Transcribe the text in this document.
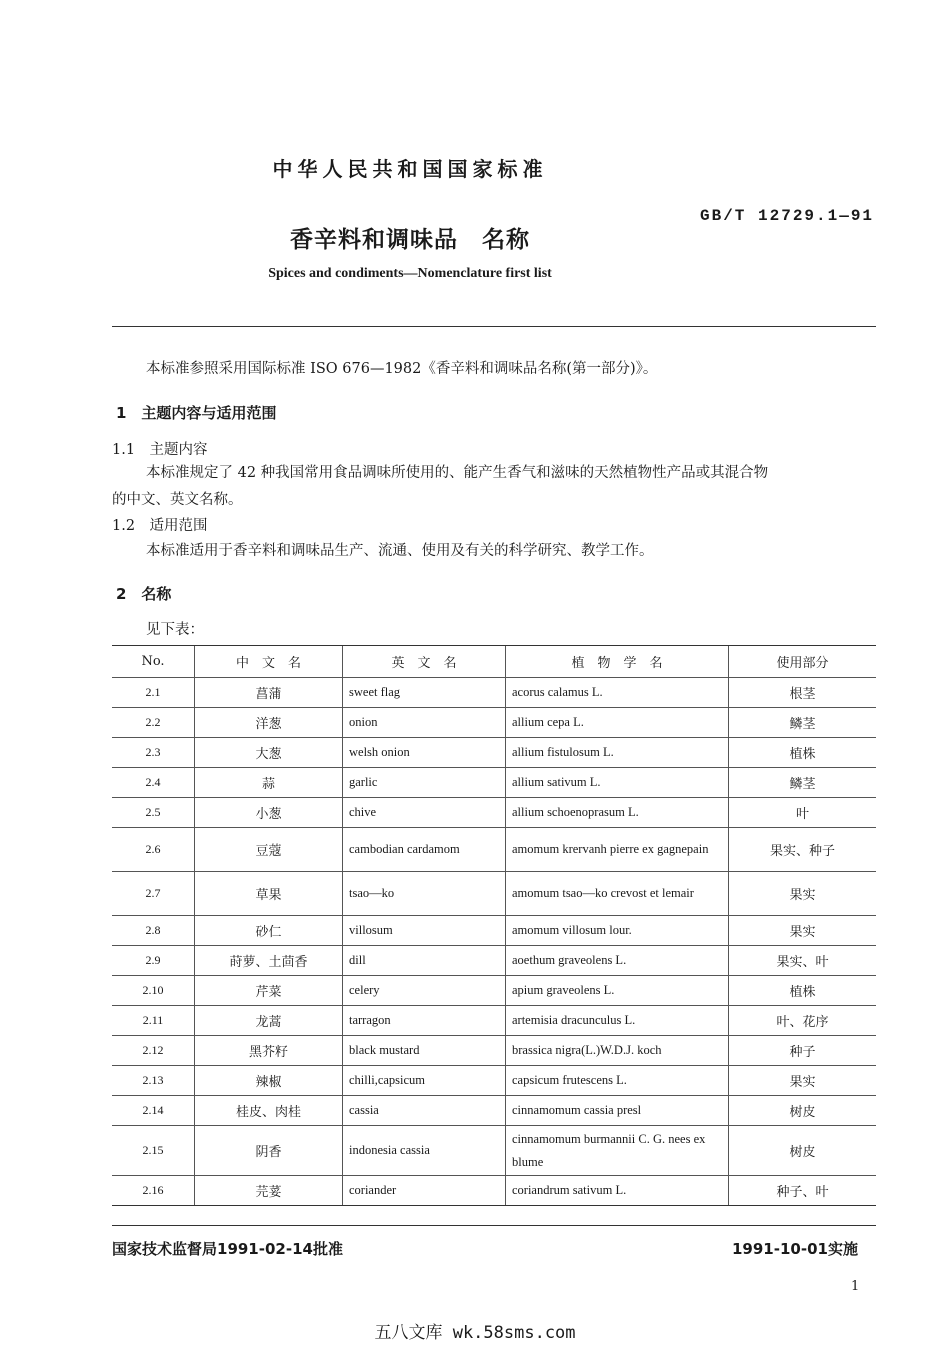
中华人民共和国国家标准
GB/T 12729.1—91
香辛料和调味品　名称
Spices and condiments—Nomenclature first list
本标准参照采用国际标准 ISO 676—1982《香辛料和调味品名称(第一部分)》。
1　主题内容与适用范围
1.1　主题内容
本标准规定了 42 种我国常用食品调味所使用的、能产生香气和滋味的天然植物性产品或其混合物
的中文、英文名称。
1.2　适用范围
本标准适用于香辛料和调味品生产、流通、使用及有关的科学研究、教学工作。
2　名称
见下表：
No.	中　文　名	英　文　名	植　物　学　名	使用部分
2.1	菖蒲	sweet flag	acorus calamus L.	根茎
2.2	洋葱	onion	allium cepa L.	鳞茎
2.3	大葱	welsh onion	allium fistulosum L.	植株
2.4	蒜	garlic	allium sativum L.	鳞茎
2.5	小葱	chive	allium schoenoprasum L.	叶
2.6	豆蔻	cambodian cardamom	amomum krervanh pierre ex gagnepain	果实、种子
2.7	草果	tsao—ko	amomum tsao—ko crevost et lemair	果实
2.8	砂仁	villosum	amomum villosum lour.	果实
2.9	莳萝、土茴香	dill	aoethum graveolens L.	果实、叶
2.10	芹菜	celery	apium graveolens L.	植株
2.11	龙蒿	tarragon	artemisia dracunculus L.	叶、花序
2.12	黑芥籽	black mustard	brassica nigra(L.)W.D.J. koch	种子
2.13	辣椒	chilli,capsicum	capsicum frutescens L.	果实
2.14	桂皮、肉桂	cassia	cinnamomum cassia presl	树皮
2.15	阴香	indonesia cassia	cinnamomum burmannii C. G. nees ex blume	树皮
2.16	芫荽	coriander	coriandrum sativum L.	种子、叶
国家技术监督局1991-02-14批准	1991-10-01实施
1
五八文库 wk.58sms.com
